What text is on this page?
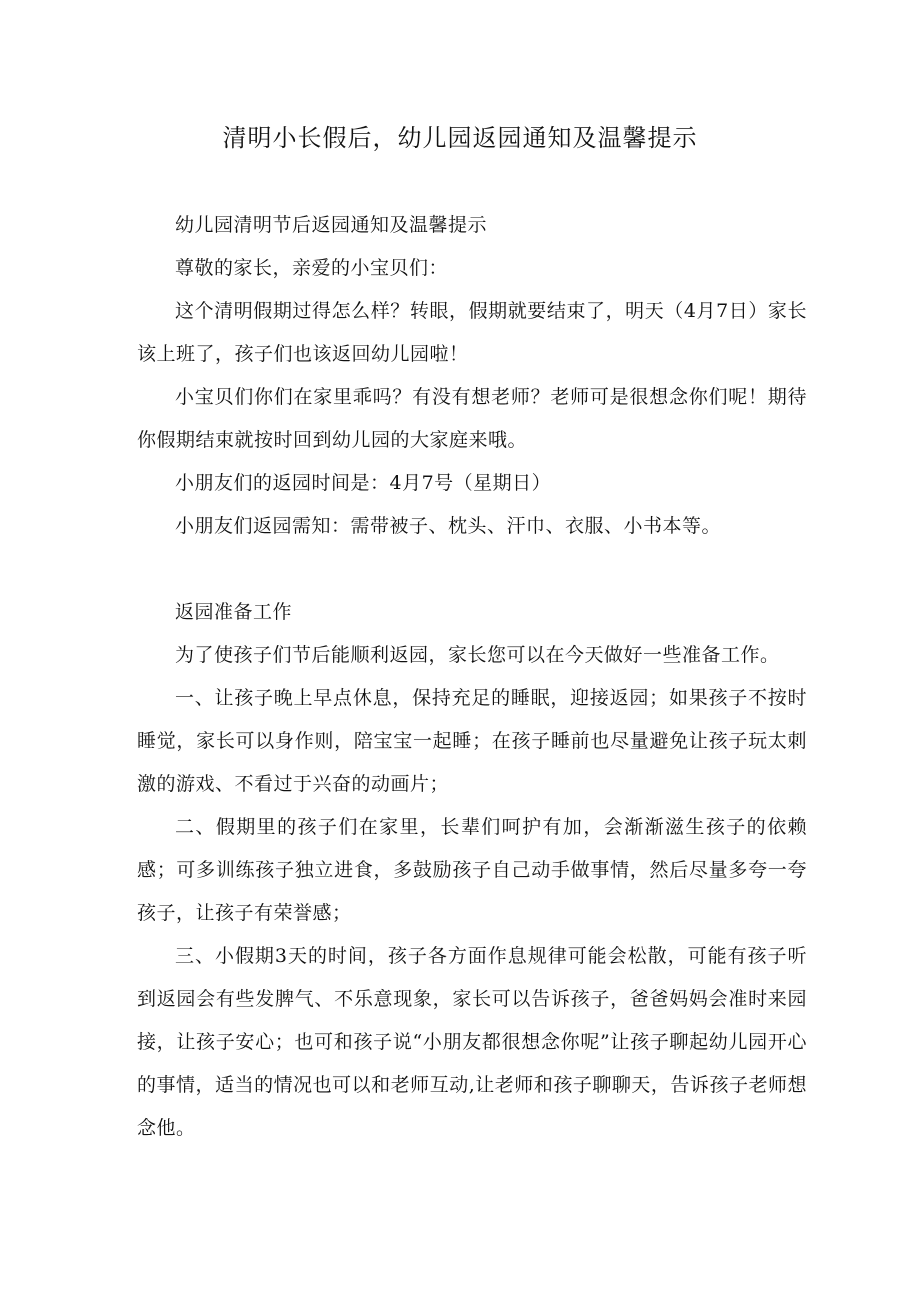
清明小长假后，幼儿园返园通知及温馨提示

幼儿园清明节后返园通知及温馨提示

尊敬的家长，亲爱的小宝贝们：

这个清明假期过得怎么样？转眼，假期就要结束了，明天（4月7日）家长该上班了，孩子们也该返回幼儿园啦！

小宝贝们你们在家里乖吗？有没有想老师？老师可是很想念你们呢！期待你假期结束就按时回到幼儿园的大家庭来哦。

小朋友们的返园时间是：4月7号（星期日）

小朋友们返园需知：需带被子、枕头、汗巾、衣服、小书本等。

返园准备工作

为了使孩子们节后能顺利返园，家长您可以在今天做好一些准备工作。

一、让孩子晚上早点休息，保持充足的睡眠，迎接返园；如果孩子不按时睡觉，家长可以身作则，陪宝宝一起睡；在孩子睡前也尽量避免让孩子玩太刺激的游戏、不看过于兴奋的动画片；

二、假期里的孩子们在家里，长辈们呵护有加，会渐渐滋生孩子的依赖感；可多训练孩子独立进食，多鼓励孩子自己动手做事情，然后尽量多夸一夸孩子，让孩子有荣誉感；

三、小假期3天的时间，孩子各方面作息规律可能会松散，可能有孩子听到返园会有些发脾气、不乐意现象，家长可以告诉孩子，爸爸妈妈会准时来园接，让孩子安心；也可和孩子说“小朋友都很想念你呢”让孩子聊起幼儿园开心的事情，适当的情况也可以和老师互动,让老师和孩子聊聊天，告诉孩子老师想念他。
